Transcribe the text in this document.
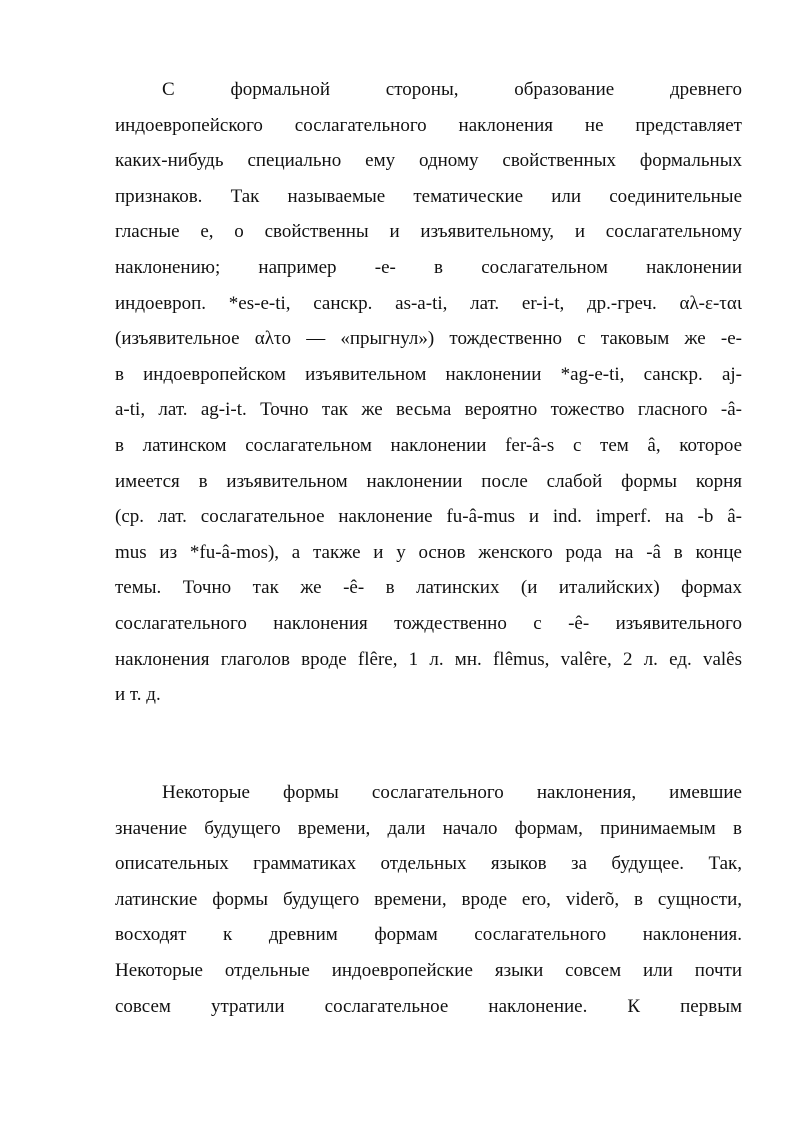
С формальной стороны, образование древнего
индоевропейского сослагательного наклонения не представляет
каких-нибудь специально ему одному свойственных формальных
признаков. Так называемые тематические или соединительные
гласные е, о свойственны и изъявительному, и сослагательному
наклонению; например -е- в сослагательном наклонении
индоевроп. *es-e-ti, санскр. as-a-ti, лат. er-i-t, др.-греч. αλ-ε-ται
(изъявительное αλτο — «прыгнул») тождественно с таковым же -е-
в индоевропейском изъявительном наклонении *ag-e-ti, санскр. aj-
a-ti, лат. ag-i-t. Точно так же весьма вероятно тожество гласного -â-
в латинском сослагательном наклонении fer-â-s с тем â, которое
имеется в изъявительном наклонении после слабой формы корня
(ср. лат. сослагательное наклонение fu-â-mus и ind. imperf. на -b â-
mus из *fu-â-mos), а также и у основ женского рода на -â в конце
темы. Точно так же -ê- в латинских (и италийских) формах
сослагательного наклонения тождественно с -ê- изъявительного
наклонения глаголов вроде flêre, 1 л. мн. flêmus, valêre, 2 л. ед. valês
и т. д.

Некоторые формы сослагательного наклонения, имевшие
значение будущего времени, дали начало формам, принимаемым в
описательных грамматиках отдельных языков за будущее. Так,
латинские формы будущего времени, вроде ero, viderõ, в сущности,
восходят к древним формам сослагательного наклонения.
Некоторые отдельные индоевропейские языки совсем или почти
совсем утратили сослагательное наклонение. К первым
